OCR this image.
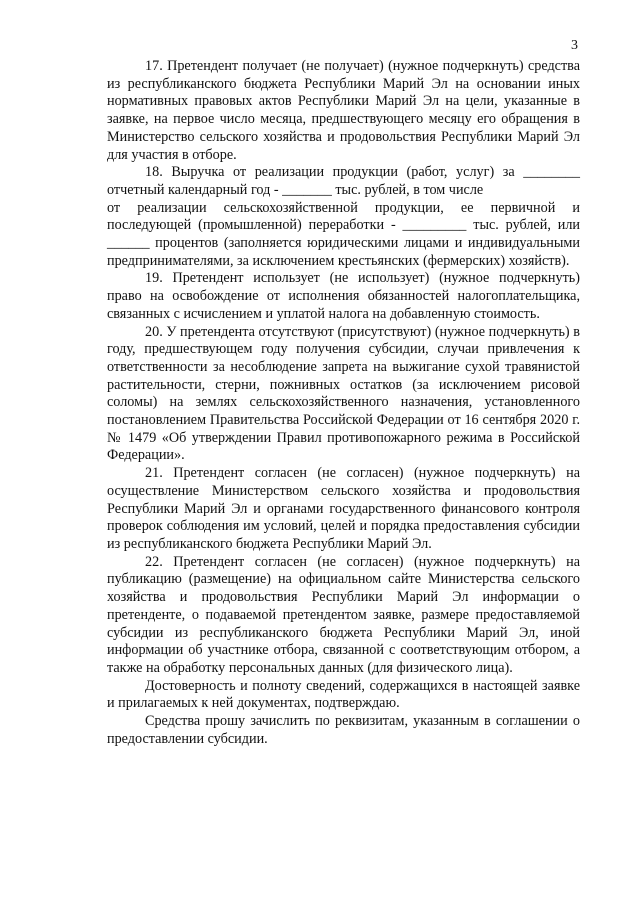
3

17. Претендент получает (не получает) (нужное подчеркнуть) средства из республиканского бюджета Республики Марий Эл на основании иных нормативных правовых актов Республики Марий Эл на цели, указанные в заявке, на первое число месяца, предшествующего месяцу его обращения в Министерство сельского хозяйства и продовольствия Республики Марий Эл для участия в отборе.

18. Выручка от реализации продукции (работ, услуг) за ________ отчетный календарный год - _______ тыс. рублей, в том числе

от реализации сельскохозяйственной продукции, ее первичной и последующей (промышленной) переработки - _________ тыс. рублей, или ______ процентов (заполняется юридическими лицами и индивидуальными предпринимателями, за исключением крестьянских (фермерских) хозяйств).

19. Претендент использует (не использует) (нужное подчеркнуть) право на освобождение от исполнения обязанностей налогоплательщика, связанных с исчислением и уплатой налога на добавленную стоимость.

20. У претендента отсутствуют (присутствуют) (нужное подчеркнуть) в году, предшествующем году получения субсидии, случаи привлечения к ответственности за несоблюдение запрета на выжигание сухой травянистой растительности, стерни, пожнивных остатков (за исключением рисовой соломы) на землях сельскохозяйственного назначения, установленного постановлением Правительства Российской Федерации от 16 сентября 2020 г. № 1479 «Об утверждении Правил противопожарного режима в Российской Федерации».

21. Претендент согласен (не согласен) (нужное подчеркнуть) на осуществление Министерством сельского хозяйства и продовольствия Республики Марий Эл и органами государственного финансового контроля проверок соблюдения им условий, целей и порядка предоставления субсидии из республиканского бюджета Республики Марий Эл.

22. Претендент согласен (не согласен) (нужное подчеркнуть) на публикацию (размещение) на официальном сайте Министерства сельского хозяйства и продовольствия Республики Марий Эл информации о претенденте, о подаваемой претендентом заявке, размере предоставляемой субсидии из республиканского бюджета Республики Марий Эл, иной информации об участнике отбора, связанной с соответствующим отбором, а также на обработку персональных данных (для физического лица).

Достоверность и полноту сведений, содержащихся в настоящей заявке и прилагаемых к ней документах, подтверждаю.

Средства прошу зачислить по реквизитам, указанным в соглашении о предоставлении субсидии.
